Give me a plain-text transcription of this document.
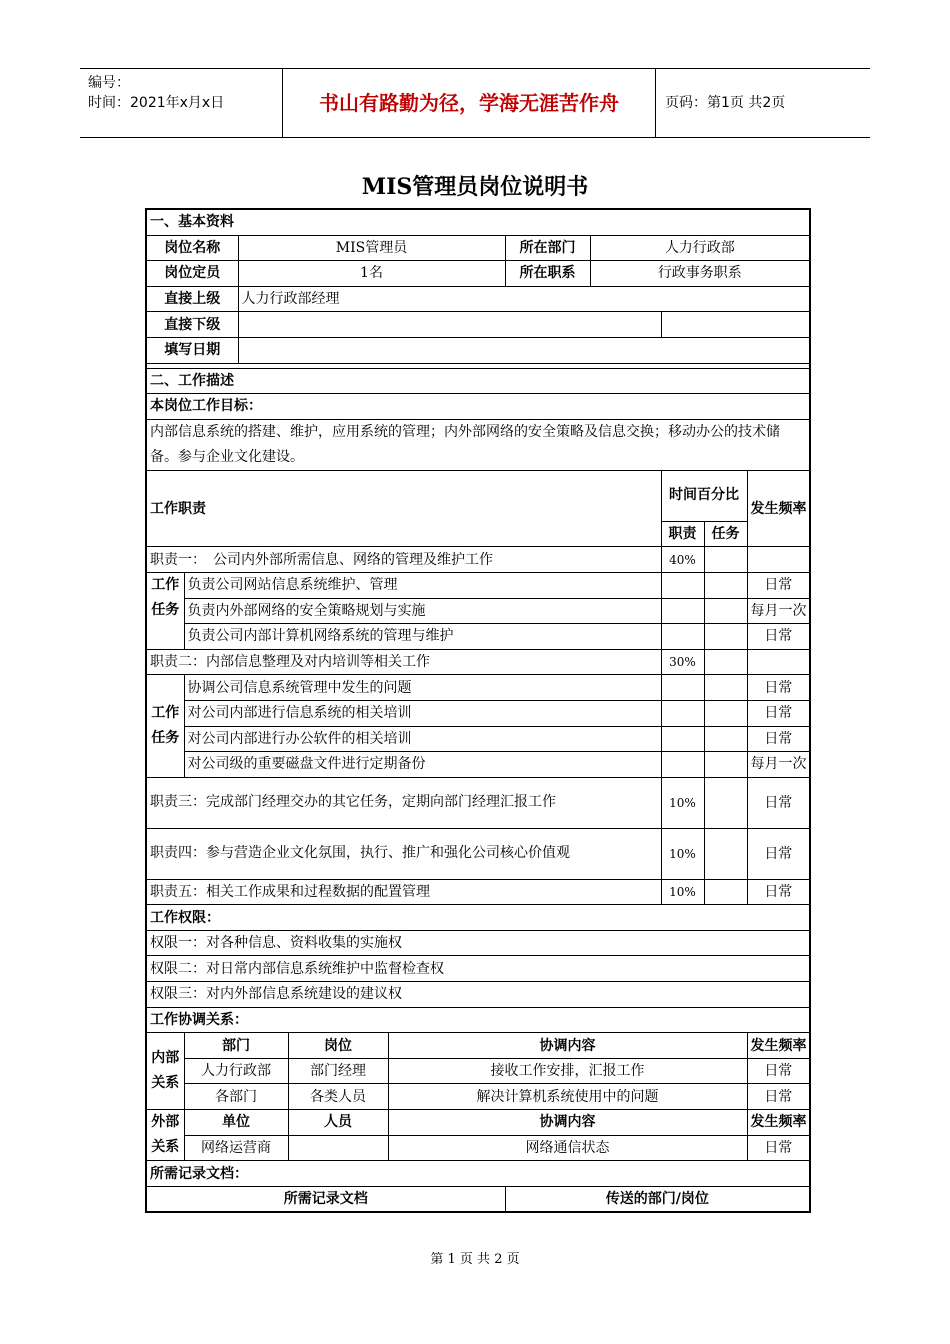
编号：
时间：2021年x月x日	书山有路勤为径，学海无涯苦作舟	页码：第1页 共2页
MIS管理员岗位说明书
一、基本资料									
岗位名称		MIS管理员			所在部门	人力行政部			
岗位定员		1名			所在职系	行政事务职系			
直接上级		人力行政部经理							
直接下级									
填写日期									

二、工作描述									
本岗位工作目标：									
内部信息系统的搭建、维护，应用系统的管理；内外部网络的安全策略及信息交换；移动办公的技术储备。参与企业文化建设。									
工作职责							时间百分比		发生频率
							职责	任务	
职责一：　公司内外部所需信息、网络的管理及维护工作							40%		
工作
任务	负责公司网站信息系统维护、管理								日常
	负责内外部网络的安全策略规划与实施								每月一次
	负责公司内部计算机网络系统的管理与维护								日常
职责二：内部信息整理及对内培训等相关工作							30%		
工作
任务	协调公司信息系统管理中发生的问题								日常
	对公司内部进行信息系统的相关培训								日常
	对公司内部进行办公软件的相关培训								日常
	对公司级的重要磁盘文件进行定期备份								每月一次
职责三：完成部门经理交办的其它任务，定期向部门经理汇报工作							10%		日常
职责四：参与营造企业文化氛围，执行、推广和强化公司核心价值观							10%		日常
职责五：相关工作成果和过程数据的配置管理							10%		日常
工作权限：									
权限一：对各种信息、资料收集的实施权									
权限二：对日常内部信息系统维护中监督检查权									
权限三：对内外部信息系统建设的建议权									
工作协调关系：									
内部
关系	部门		岗位	协调内容					发生频率
	人力行政部		部门经理	接收工作安排，汇报工作					日常
	各部门		各类人员	解决计算机系统使用中的问题					日常
外部
关系	单位		人员	协调内容					发生频率
	网络运营商			网络通信状态					日常
所需记录文档：									
所需记录文档					传送的部门/岗位				
第 1 页 共 2 页
